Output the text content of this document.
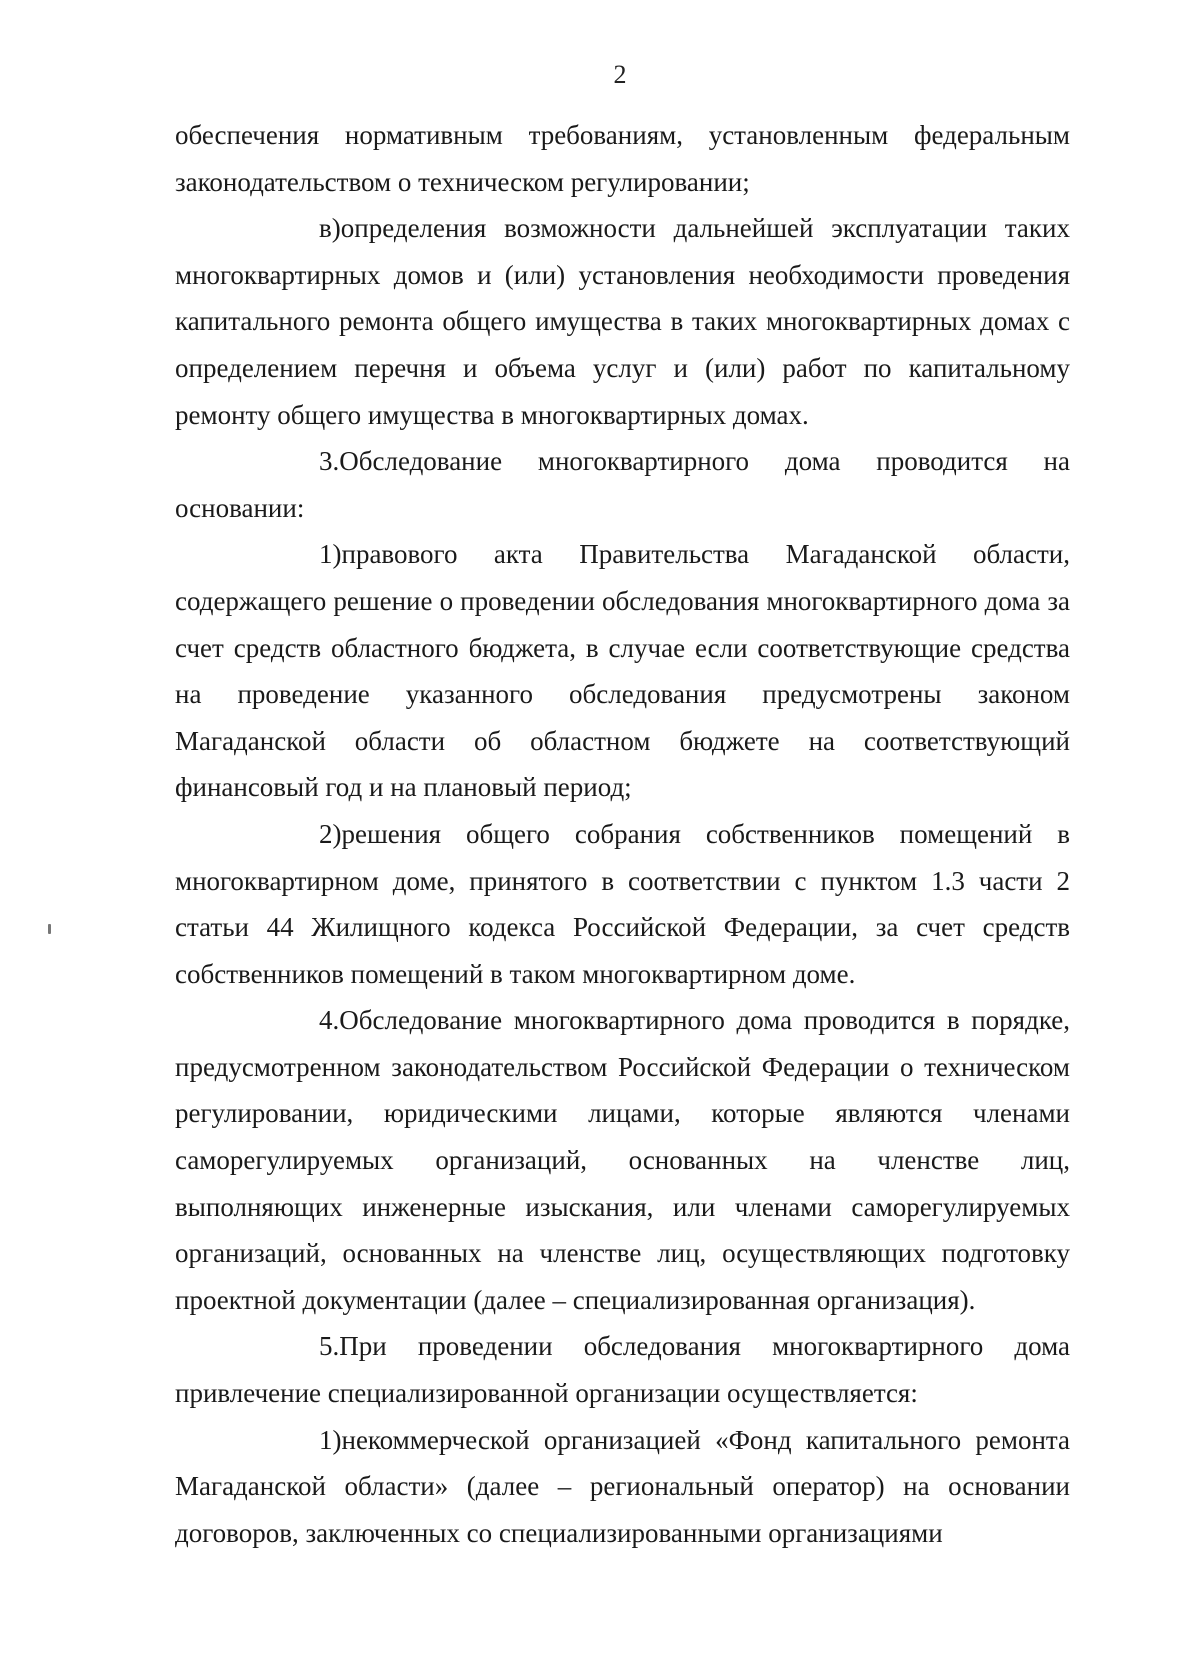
2

обеспечения нормативным требованиям, установленным федеральным законодательством о техническом регулировании;

в)определения возможности дальнейшей эксплуатации таких многоквартирных домов и (или) установления необходимости проведения капитального ремонта общего имущества в таких многоквартирных домах с определением перечня и объема услуг и (или) работ по капитальному ремонту общего имущества в многоквартирных домах.

3.Обследование многоквартирного дома проводится на основании:

1)правового акта Правительства Магаданской области, содержащего решение о проведении обследования многоквартирного дома за счет средств областного бюджета, в случае если соответствующие средства на проведение указанного обследования предусмотрены законом Магаданской области об областном бюджете на соответствующий финансовый год и на плановый период;

2)решения общего собрания собственников помещений в многоквартирном доме, принятого в соответствии с пунктом 1.3 части 2 статьи 44 Жилищного кодекса Российской Федерации, за счет средств собственников помещений в таком многоквартирном доме.

4.Обследование многоквартирного дома проводится в порядке, предусмотренном законодательством Российской Федерации о техническом регулировании, юридическими лицами, которые являются членами саморегулируемых организаций, основанных на членстве лиц, выполняющих инженерные изыскания, или членами саморегулируемых организаций, основанных на членстве лиц, осуществляющих подготовку проектной документации (далее – специализированная организация).

5.При проведении обследования многоквартирного дома привлечение специализированной организации осуществляется:

1)некоммерческой организацией «Фонд капитального ремонта Магаданской области» (далее – региональный оператор) на основании договоров, заключенных со специализированными организациями
